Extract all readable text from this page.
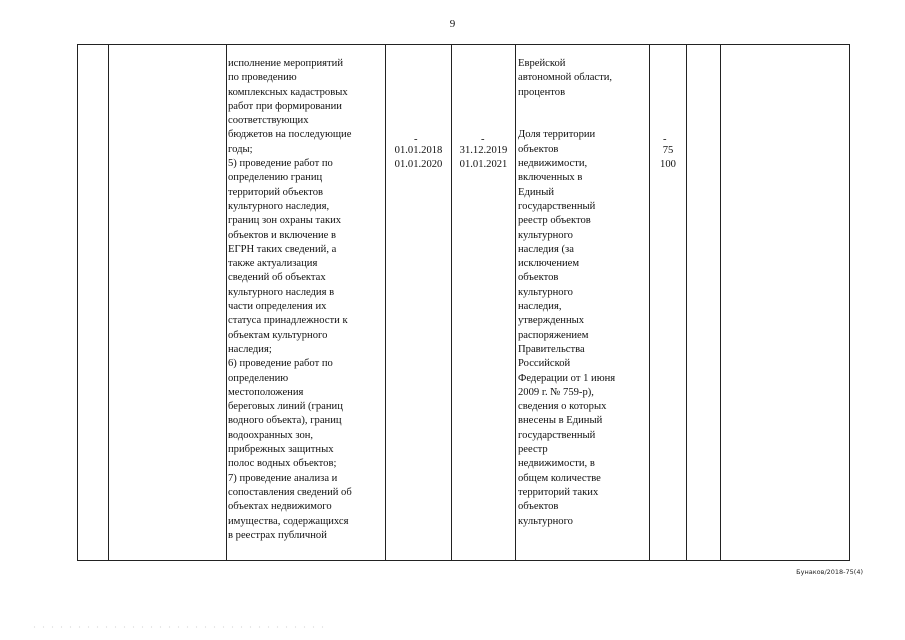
9
исполнение мероприятий
по проведению
комплексных кадастровых
работ при формировании
соответствующих
бюджетов на последующие
годы;
5) проведение работ по
определению границ
территорий объектов
культурного наследия,
границ зон охраны таких
объектов и включение в
ЕГРН таких сведений, а
также актуализация
сведений об объектах
культурного наследия в
части определения их
статуса принадлежности к
объектам культурного
наследия;
6) проведение работ по
определению
местоположения
береговых линий (границ
водного объекта), границ
водоохранных зон,
прибрежных защитных
полос водных объектов;
7) проведение анализа и
сопоставления сведений об
объектах недвижимого
имущества, содержащихся
в реестрах публичной
-
01.01.2018
01.01.2020
-
31.12.2019
01.01.2021
Еврейской
автономной области,
процентов

Доля территории
объектов
недвижимости,
включенных в
Единый
государственный
реестр объектов
культурного
наследия (за
исключением
объектов
культурного
наследия,
утвержденных
распоряжением
Правительства
Российской
Федерации от 1 июня
2009 г. № 759-р),
сведения о которых
внесены в Единый
государственный
реестр
недвижимости, в
общем количестве
территорий таких
объектов
культурного
-
75
100
Бунаков/2018-75(4)
